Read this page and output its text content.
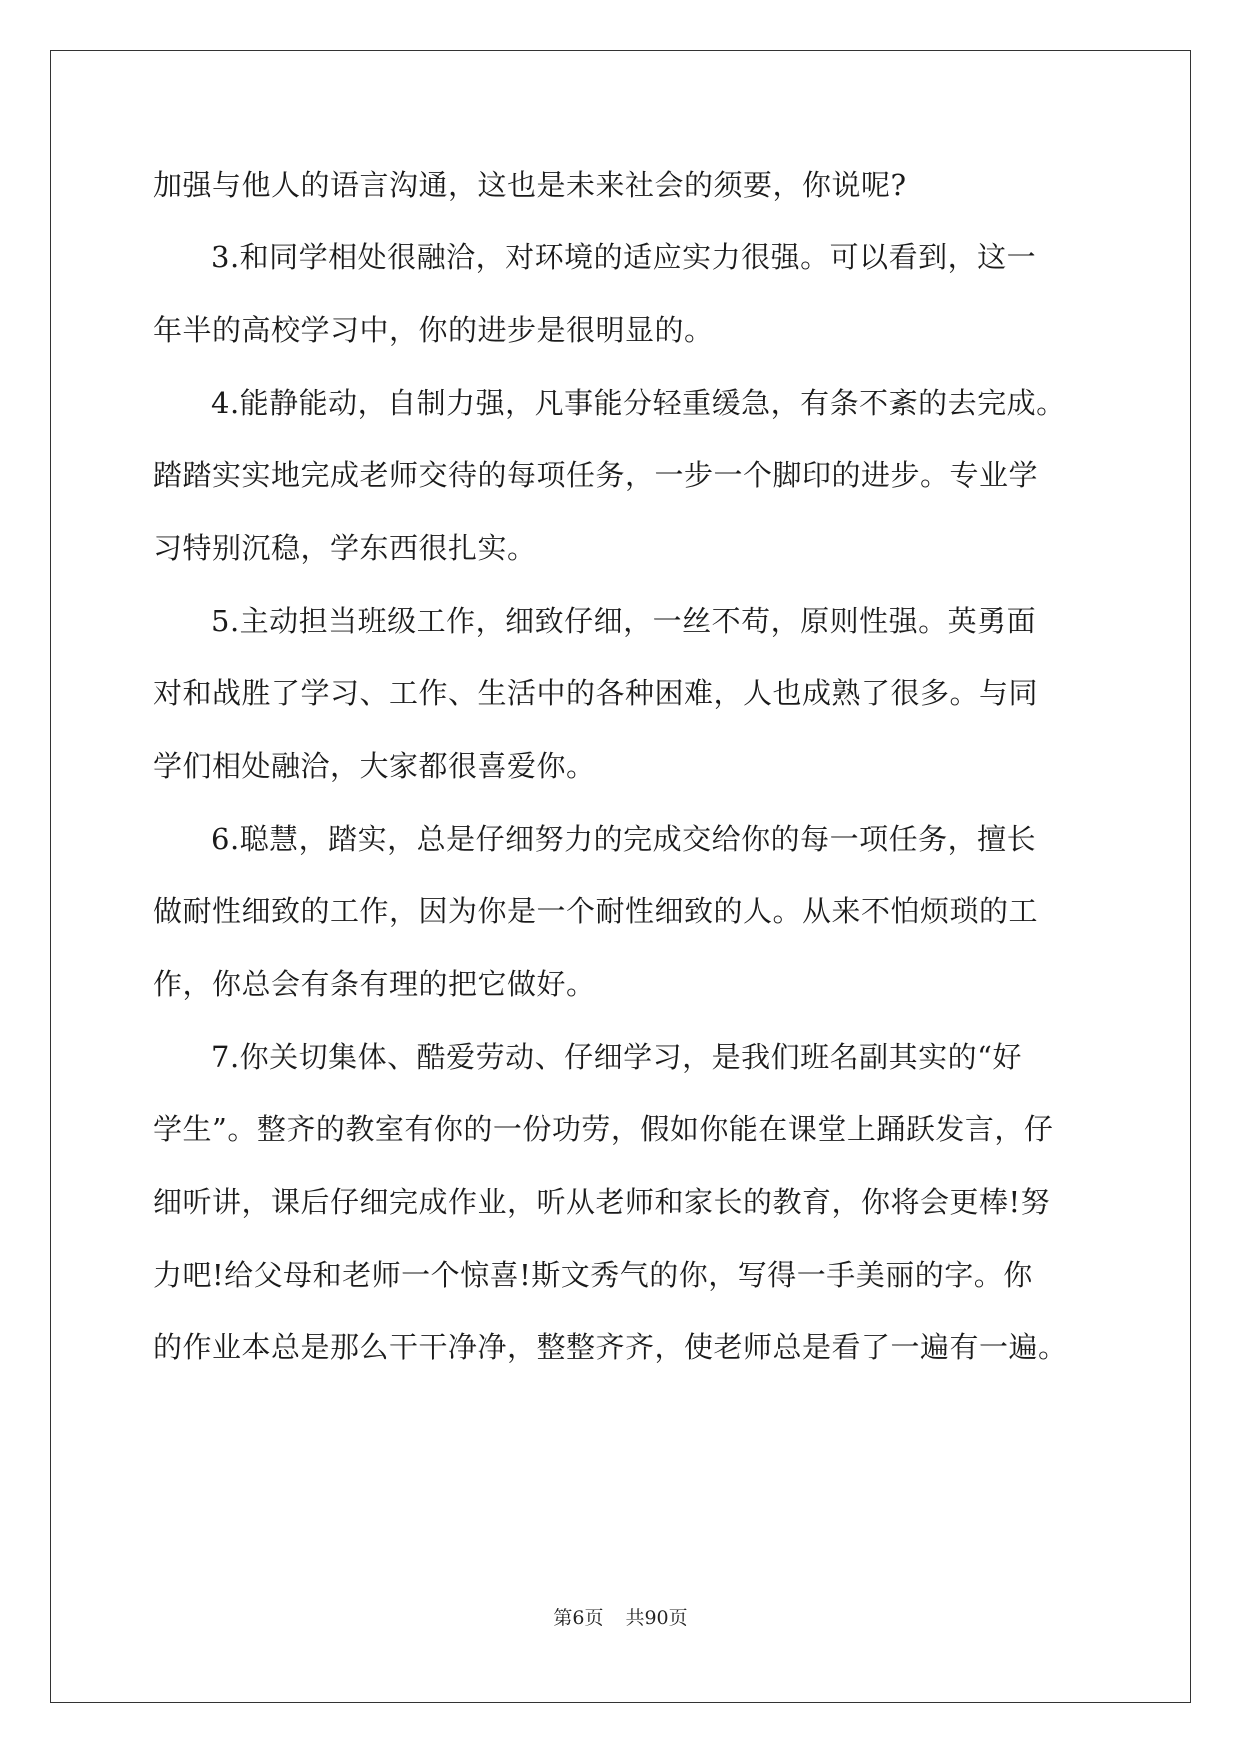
加强与他人的语言沟通，这也是未来社会的须要，你说呢?
3.和同学相处很融洽，对环境的适应实力很强。可以看到，这一
年半的高校学习中，你的进步是很明显的。
4.能静能动，自制力强，凡事能分轻重缓急，有条不紊的去完成。
踏踏实实地完成老师交待的每项任务，一步一个脚印的进步。专业学
习特别沉稳，学东西很扎实。
5.主动担当班级工作，细致仔细，一丝不苟，原则性强。英勇面
对和战胜了学习、工作、生活中的各种困难，人也成熟了很多。与同
学们相处融洽，大家都很喜爱你。
6.聪慧，踏实，总是仔细努力的完成交给你的每一项任务，擅长
做耐性细致的工作，因为你是一个耐性细致的人。从来不怕烦琐的工
作，你总会有条有理的把它做好。
7.你关切集体、酷爱劳动、仔细学习，是我们班名副其实的“好
学生”。整齐的教室有你的一份功劳，假如你能在课堂上踊跃发言，仔
细听讲，课后仔细完成作业，听从老师和家长的教育，你将会更棒!努
力吧!给父母和老师一个惊喜!斯文秀气的你，写得一手美丽的字。你
的作业本总是那么干干净净，整整齐齐，使老师总是看了一遍有一遍。
第6页 共90页
